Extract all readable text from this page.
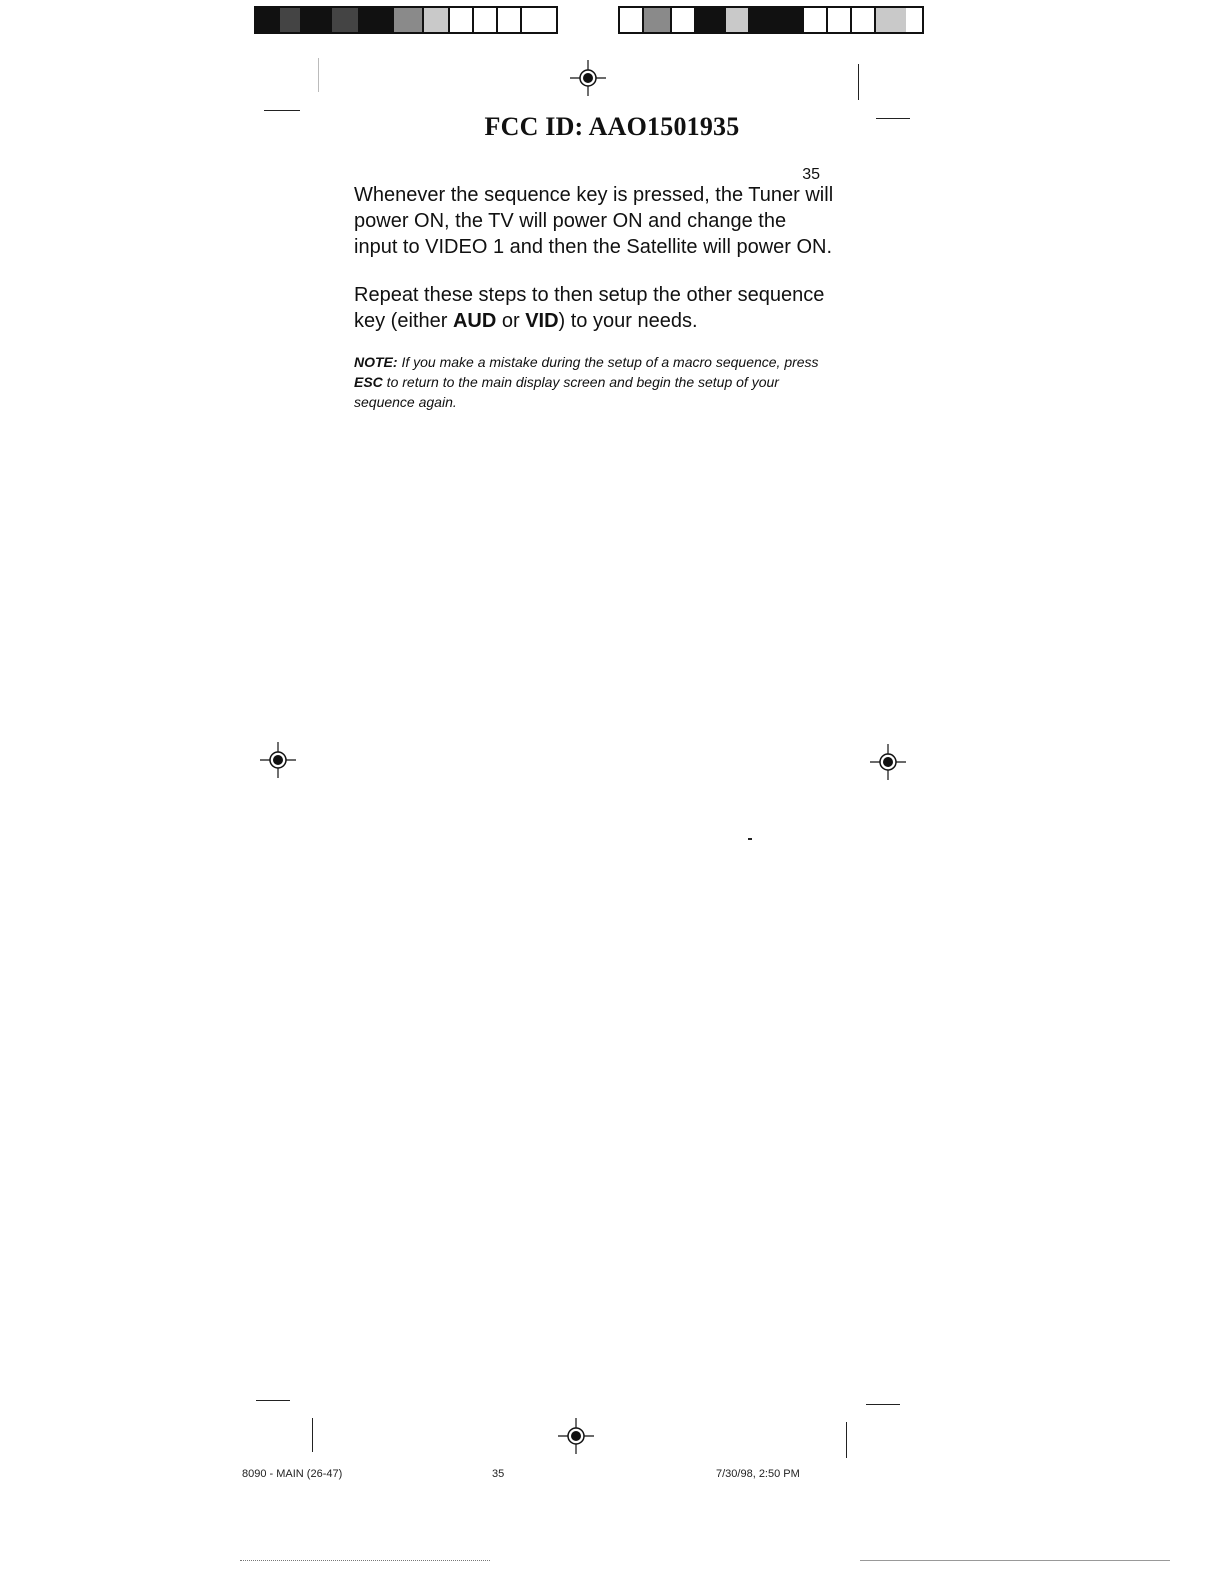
FCC ID: AAO1501935
35

Whenever the sequence key is pressed, the Tuner will power ON, the TV will power ON and change the input to VIDEO 1 and then the Satellite will power ON.

Repeat these steps to then setup the other sequence key (either AUD or VID) to your needs.

NOTE: If you make a mistake during the setup of a macro sequence, press ESC to return to the main display screen and begin the setup of your sequence again.

8090 - MAIN (26-47)	35	7/30/98, 2:50 PM
